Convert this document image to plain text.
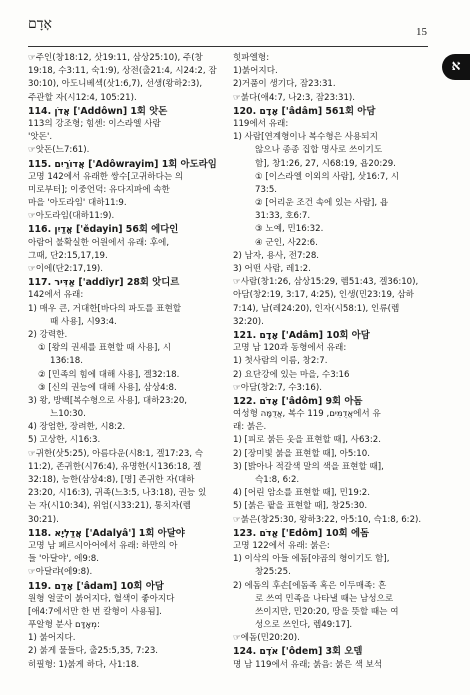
אָדָם	15
א
☞주인(창18:12, 삿19:11, 삼상25:10), 주(창
19:18, 수3:11, 숙1:9), 상전(출21:4, 시24:2, 잠
30:10), 아도니베섹(삿1:6,7), 선생(왕하2:3),
주관할 자(시12:4, 105:21).
114. אֲדֹן ['Addôwn] 1회 앗돈
113의 강조형; 힘센: 이스라엘 사람
'앗돈'.
☞앗돈(느7:61).
115. אֲדוֹרַיִם ['Adôwrayim] 1회 아도라임
고명 142에서 유래한 쌍수[고귀하다는 의
미로부터]; 이중언덕: 유다지파에 속한
마을 '아도라임' 대하11:9.
☞아도라임(대하11:9).
116. אֱדַיִן ['ĕdayin] 56회 에다인
아람어 불확실한 어원에서 유래: 후에,
그때, 단2:15,17,19.
☞이에(단2:17,19).
117. אַדִּיר ['addîyr] 28회 앗디르
142에서 유래:
1) 매우 큰, 거대한[바다의 파도를 표현할
때 사용], 시93:4.
2) 강력한.
① [왕의 권세를 표현할 때 사용], 시
136:18.
② [민족의 힘에 대해 사용], 겔32:18.
③ [신의 권능에 대해 사용], 삼상4:8.
3) 왕, 방백[복수형으로 사용], 대하23:20,
느10:30.
4) 장엄한, 장려한, 시8:2.
5) 고상한, 시16:3.
☞귀한(삿5:25), 아름다운(시8:1, 겔17:23, 슥
11:2), 존귀한(시76:4), 유명한(시136:18, 겔
32:18), 능한(삼상4:8), [명] 존귀한 자(대하
23:20, 시16:3), 귀족(느3:5, 나3:18), 권능 있
는 자(시10:34), 위엄(시33:21), 통치자(렘
30:21).
118. אֲדַלְיָא ['Adalyâ'] 1회 아달야
고명 남 페르시아어에서 유래: 하만의 아
들 '아달야', 에9:8.
☞아달랴(에9:8).
119. אָדַם ['âdam] 10회 아담
원형 얼굴이 붉어지다, 혈색이 좋아지다
[애4:7에서만 한 번 칼형이 사용됨].
푸알형 분사 מְאָדָּם:
1) 붉어지다.
2) 붉게 물들다, 출25:5,35, 7:23.
히필형: 1)붉게 하다, 사1:18.
힛파엘형:
1)붉어지다.
2)거품이 생기다, 잠23:31.
☞붉다(애4:7, 나2:3, 잠23:31).
120. אָדָם ['âdâm] 561회 아담
119에서 유래:
1) 사람[연계형이나 복수형은 사용되지
않으나 종종 집합 명사로 쓰이기도
함], 창1:26, 27, 시68:19, 욥20:29.
① [이스라엘 이외의 사람], 삿16:7, 시
73:5.
② [어리운 조건 속에 있는 사람], 욥
31:33, 호6:7.
③ 노예, 민16:32.
④ 군인, 사22:6.
2) 남자, 용사, 전7:28.
3) 어떤 사람, 레1:2.
☞사람(창1:26, 삼상15:29, 렘51:43, 겔36:10),
아담(창2:19, 3:17, 4:25), 인생(민23:19, 삼하
7:14), 남(레24:20), 인자(시58:1), 인류(렘
32:20).
121. אָדָם ['Adâm] 10회 아담
고명 남 120과 동형에서 유래:
1) 첫사람의 이름, 창2:7.
2) 요단강에 있는 마을, 수3:16
☞아담(창2:7, 수3:16).
122. אָדֹם ['âdôm] 9회 아돔
여성형 אֲדֻמָּה, 복수 אֲדֻמִּים, 119에서 유
래: 붉은.
1) [피로 붉든 옷을 표현할 때], 사63:2.
2) [장미빛 붉을 표현할 때], 아5:10.
3) [밝아나 적갈색 말의 색을 표현할 때],
슥1:8, 6:2.
4) [어린 암소를 표현할 때], 민19:2.
5) [붉은 팥을 표현할 때], 창25:30.
☞붉은(창25:30, 왕하3:22, 아5:10, 슥1:8, 6:2).
123. אֱדֹם ['Edôm] 10회 에돔
고명 122에서 유래: 붉은:
1) 이삭의 아들 에돔[야곱의 형이기도 함],
창25:25.
2) 에돔의 후손[에돔족 혹은 이두매족: 흔
로 쓰여 민족을 나타낼 때는 남성으로
쓰이지만, 민20:20, 땅을 뜻할 때는 여
성으로 쓰인다, 렘49:17].
☞에돔(민20:20).
124. אֹדֶם ['ôdem] 3회 오뎀
명 남 119에서 유래; 붉음: 붉은 색 보석
